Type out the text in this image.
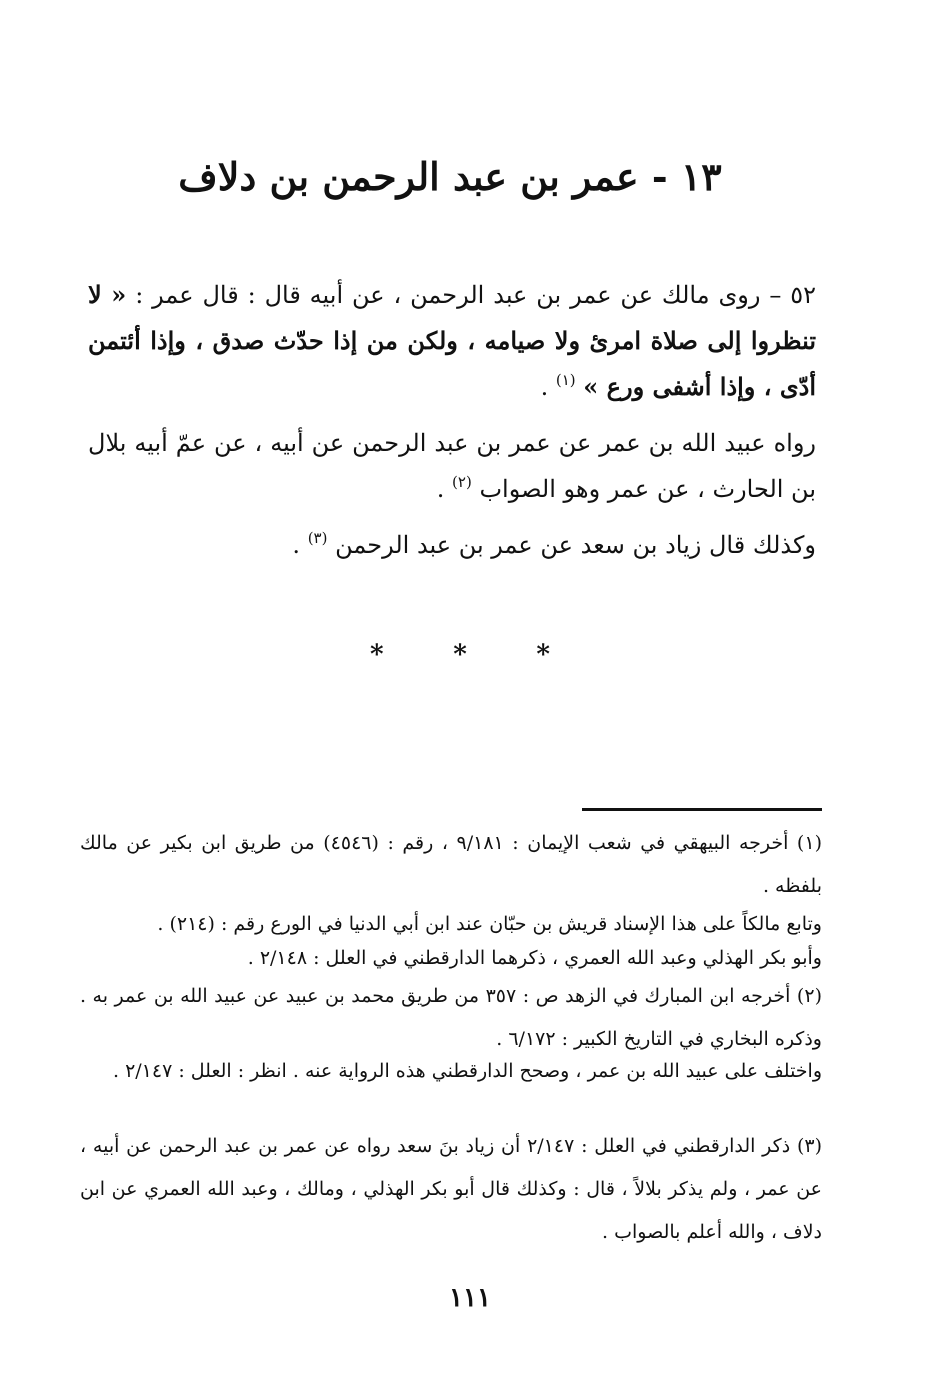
١٣ - عمر بن عبد الرحمن بن دلاف
٥٢ – روى مالك عن عمر بن عبد الرحمن ، عن أبيه قال : قال عمر : « لا تنظروا إلى صلاة امرئ ولا صيامه ، ولكن من إذا حدّث صدق ، وإذا أئتمن أدّى ، وإذا أشفى ورع » $^{(١)}$ .
رواه عبيد الله بن عمر عن عمر بن عبد الرحمن عن أبيه ، عن عمّ أبيه بلال بن الحارث ، عن عمر وهو الصواب $^{(٢)}$ .
وكذلك قال زياد بن سعد عن عمر بن عبد الرحمن $^{(٣)}$ .
*	*	*
(١) أخرجه البيهقي في شعب الإيمان : ٩/١٨١ ، رقم : (٤٥٤٦) من طريق ابن بكير عن مالك بلفظه .
وتابع مالكاً على هذا الإسناد قريش بن حبّان عند ابن أبي الدنيا في الورع رقم : (٢١٤) .
وأبو بكر الهذلي وعبد الله العمري ، ذكرهما الدارقطني في العلل : ٢/١٤٨ .
(٢) أخرجه ابن المبارك في الزهد ص : ٣٥٧ من طريق محمد بن عبيد عن عبيد الله بن عمر به . وذكره البخاري في التاريخ الكبير : ٦/١٧٢ .
واختلف على عبيد الله بن عمر ، وصحح الدارقطني هذه الرواية عنه . انظر : العلل : ٢/١٤٧ .
(٣) ذكر الدارقطني في العلل : ٢/١٤٧ أن زياد بنَ سعد رواه عن عمر بن عبد الرحمن عن أبيه ، عن عمر ، ولم يذكر بلالاً ، قال : وكذلك قال أبو بكر الهذلي ، ومالك ، وعبد الله العمري عن ابن دلاف ، والله أعلم بالصواب .
١١١
